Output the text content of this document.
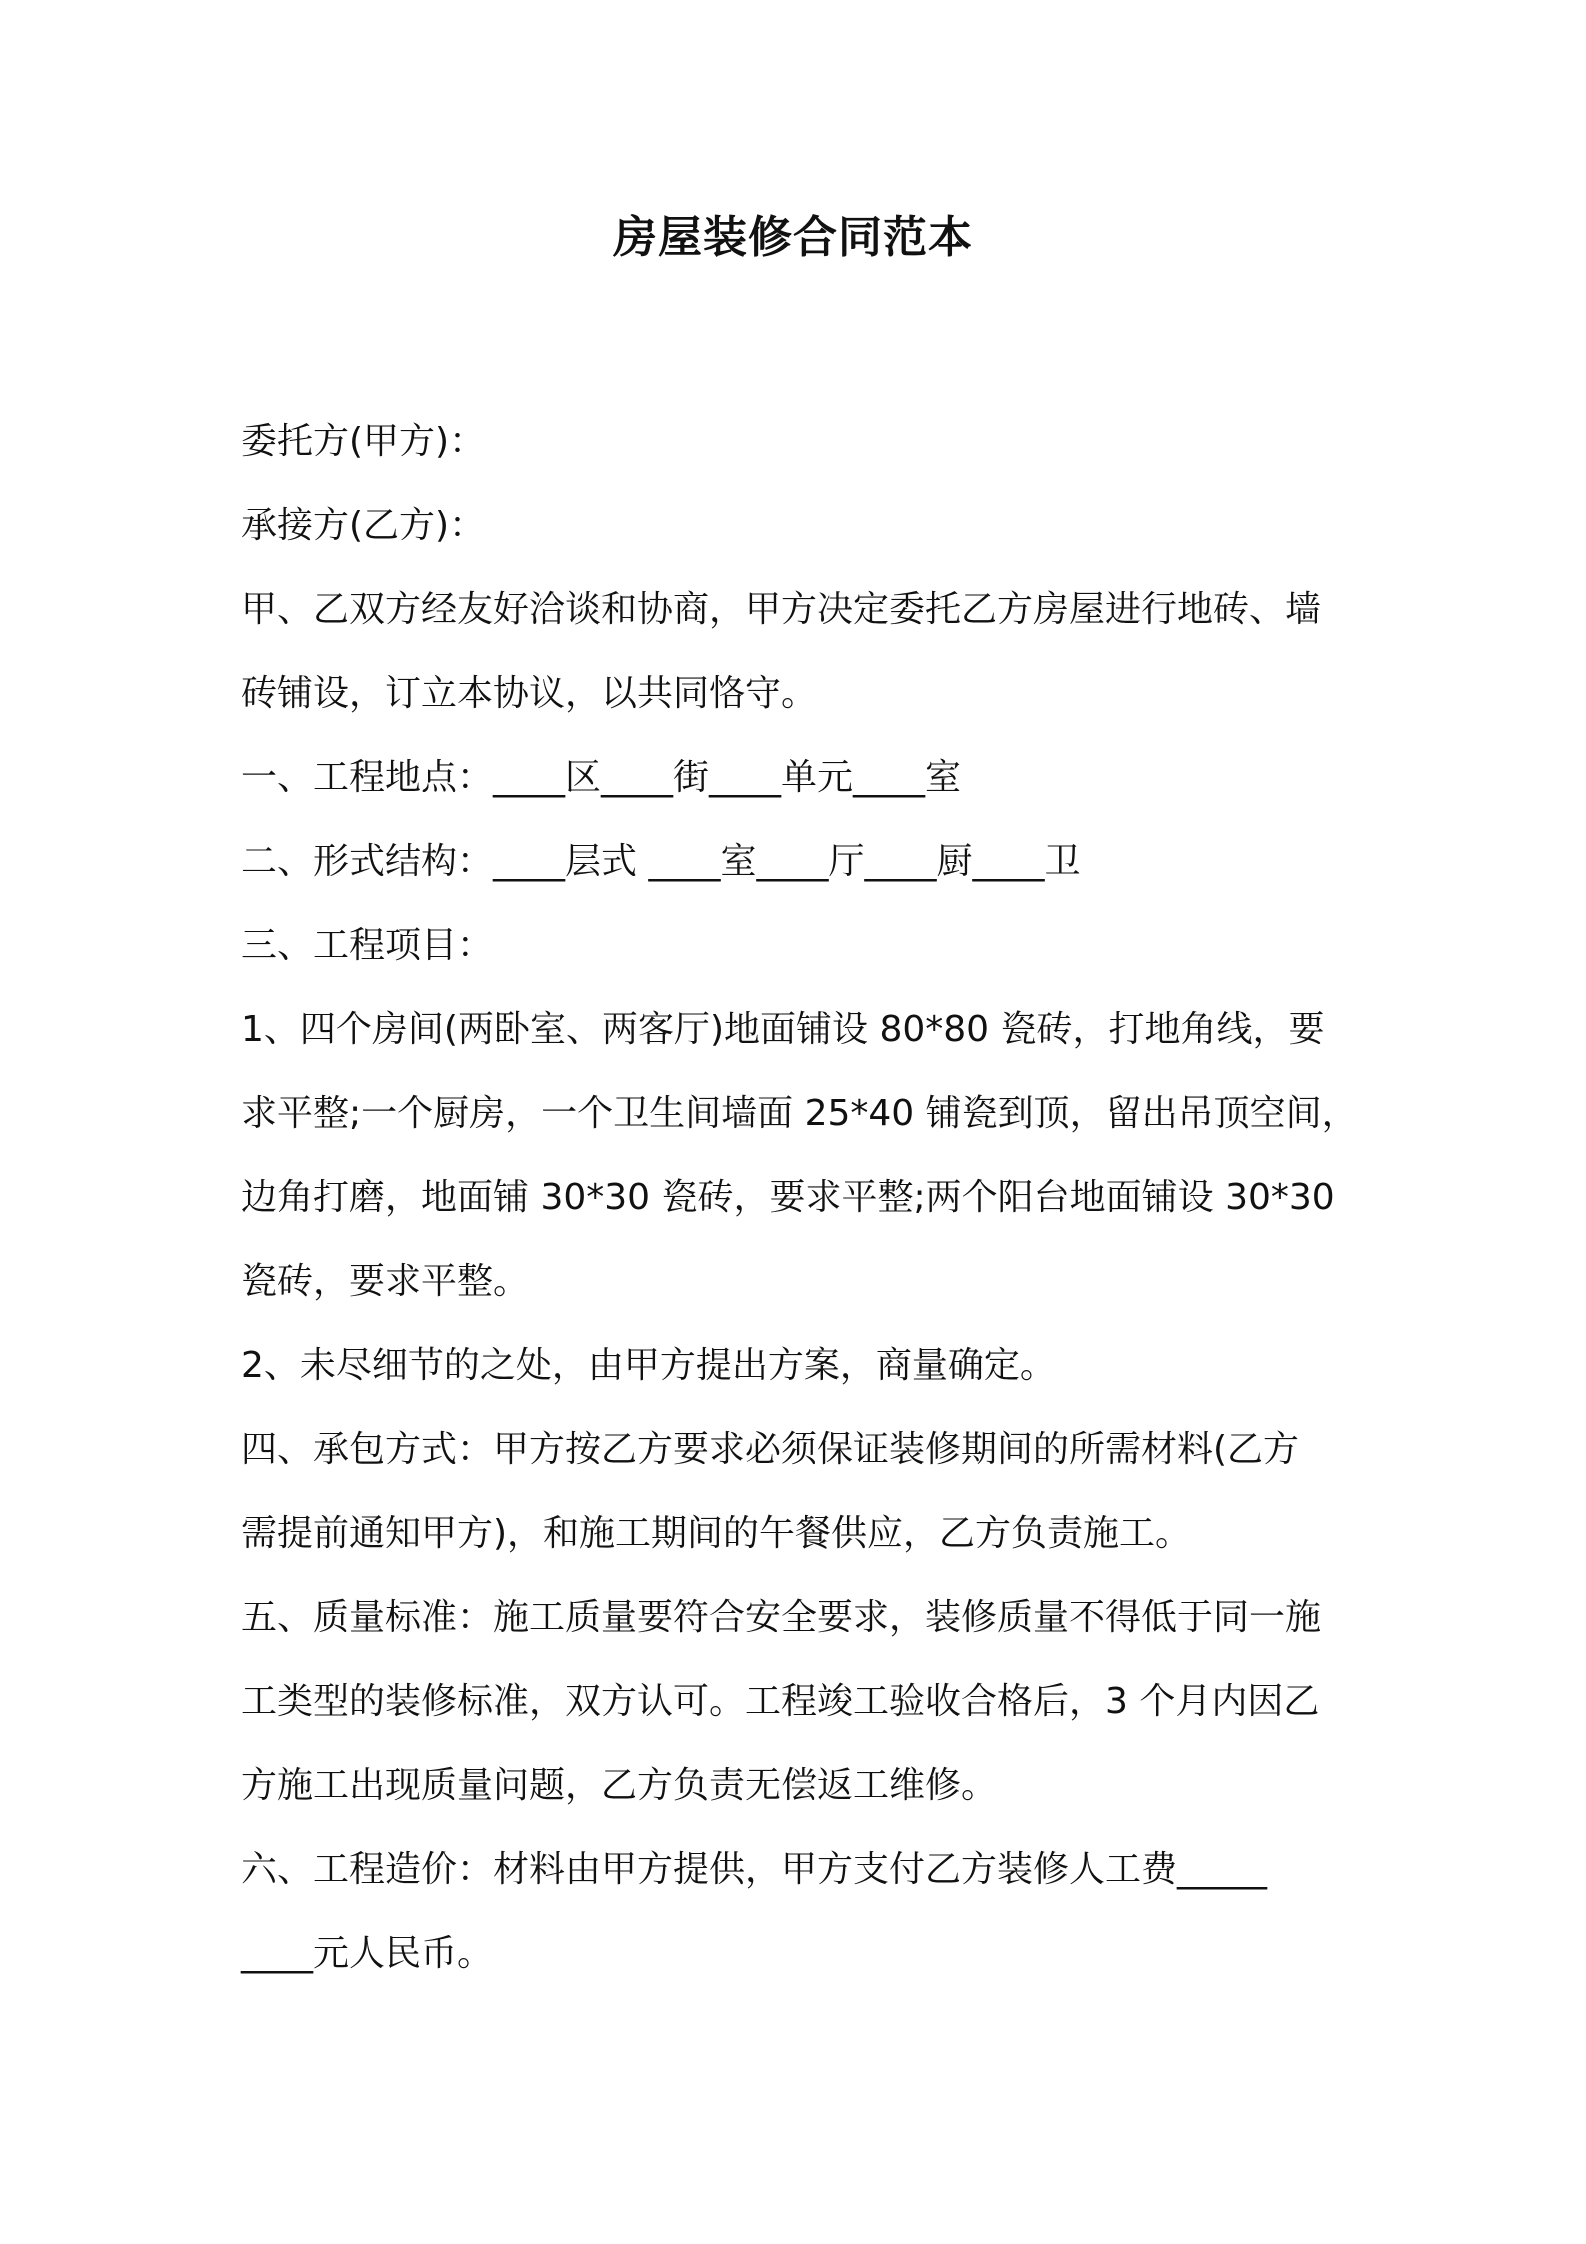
房屋装修合同范本

委托方(甲方)：

承接方(乙方)：

甲、乙双方经友好洽谈和协商，甲方决定委托乙方房屋进行地砖、墙

砖铺设，订立本协议，以共同恪守。

一、工程地点：____区____街____单元____室

二、形式结构：____层式 ____室____厅____厨____卫

三、工程项目：

1、四个房间(两卧室、两客厅)地面铺设 80*80 瓷砖，打地角线，要

求平整;一个厨房，一个卫生间墙面 25*40 铺瓷到顶，留出吊顶空间，

边角打磨，地面铺 30*30 瓷砖，要求平整;两个阳台地面铺设 30*30

瓷砖，要求平整。

2、未尽细节的之处，由甲方提出方案，商量确定。

四、承包方式：甲方按乙方要求必须保证装修期间的所需材料(乙方

需提前通知甲方)，和施工期间的午餐供应，乙方负责施工。

五、质量标准：施工质量要符合安全要求，装修质量不得低于同一施

工类型的装修标准，双方认可。工程竣工验收合格后，3 个月内因乙

方施工出现质量问题，乙方负责无偿返工维修。

六、工程造价：材料由甲方提供，甲方支付乙方装修人工费_____

____元人民币。
